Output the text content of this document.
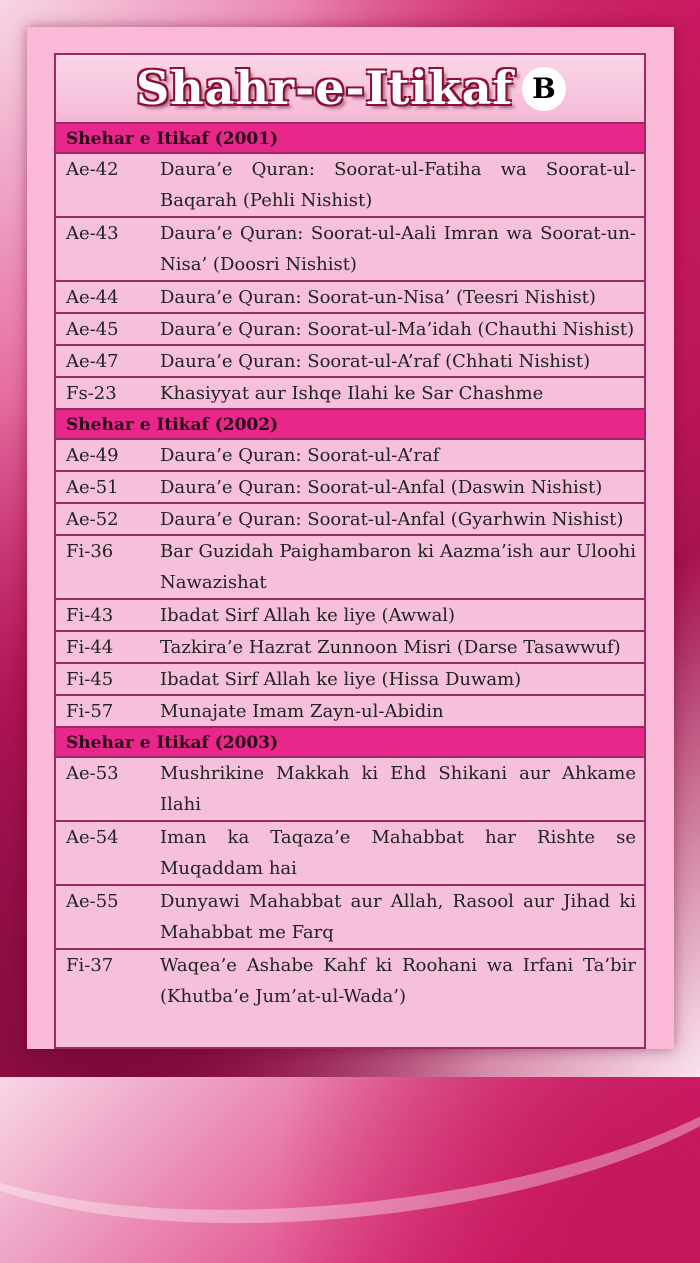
Shahr-e-Itikaf B
Shehar e Itikaf (2001)
Ae-42	Daura’e Quran: Soorat-ul-Fatiha wa Soorat-ul-Baqarah (Pehli Nishist)
Ae-43	Daura’e Quran: Soorat-ul-Aali Imran wa Soorat-un-Nisa’ (Doosri Nishist)
Ae-44	Daura’e Quran: Soorat-un-Nisa’ (Teesri Nishist)
Ae-45	Daura’e Quran: Soorat-ul-Ma’idah (Chauthi Nishist)
Ae-47	Daura’e Quran: Soorat-ul-A’raf (Chhati Nishist)
Fs-23	Khasiyyat aur Ishqe Ilahi ke Sar Chashme
Shehar e Itikaf (2002)
Ae-49	Daura’e Quran: Soorat-ul-A’raf
Ae-51	Daura’e Quran: Soorat-ul-Anfal (Daswin Nishist)
Ae-52	Daura’e Quran: Soorat-ul-Anfal (Gyarhwin Nishist)
Fi-36	Bar Guzidah Paighambaron ki Aazma’ish aur Uloohi Nawazishat
Fi-43	Ibadat Sirf Allah ke liye (Awwal)
Fi-44	Tazkira’e Hazrat Zunnoon Misri (Darse Tasawwuf)
Fi-45	Ibadat Sirf Allah ke liye (Hissa Duwam)
Fi-57	Munajate Imam Zayn-ul-Abidin
Shehar e Itikaf (2003)
Ae-53	Mushrikine Makkah ki Ehd Shikani aur Ahkame Ilahi
Ae-54	Iman ka Taqaza’e Mahabbat har Rishte se Muqaddam hai
Ae-55	Dunyawi Mahabbat aur Allah, Rasool aur Jihad ki Mahabbat me Farq
Fi-37	Waqea’e Ashabe Kahf ki Roohani wa Irfani Ta’bir (Khutba’e Jum’at-ul-Wada’)
